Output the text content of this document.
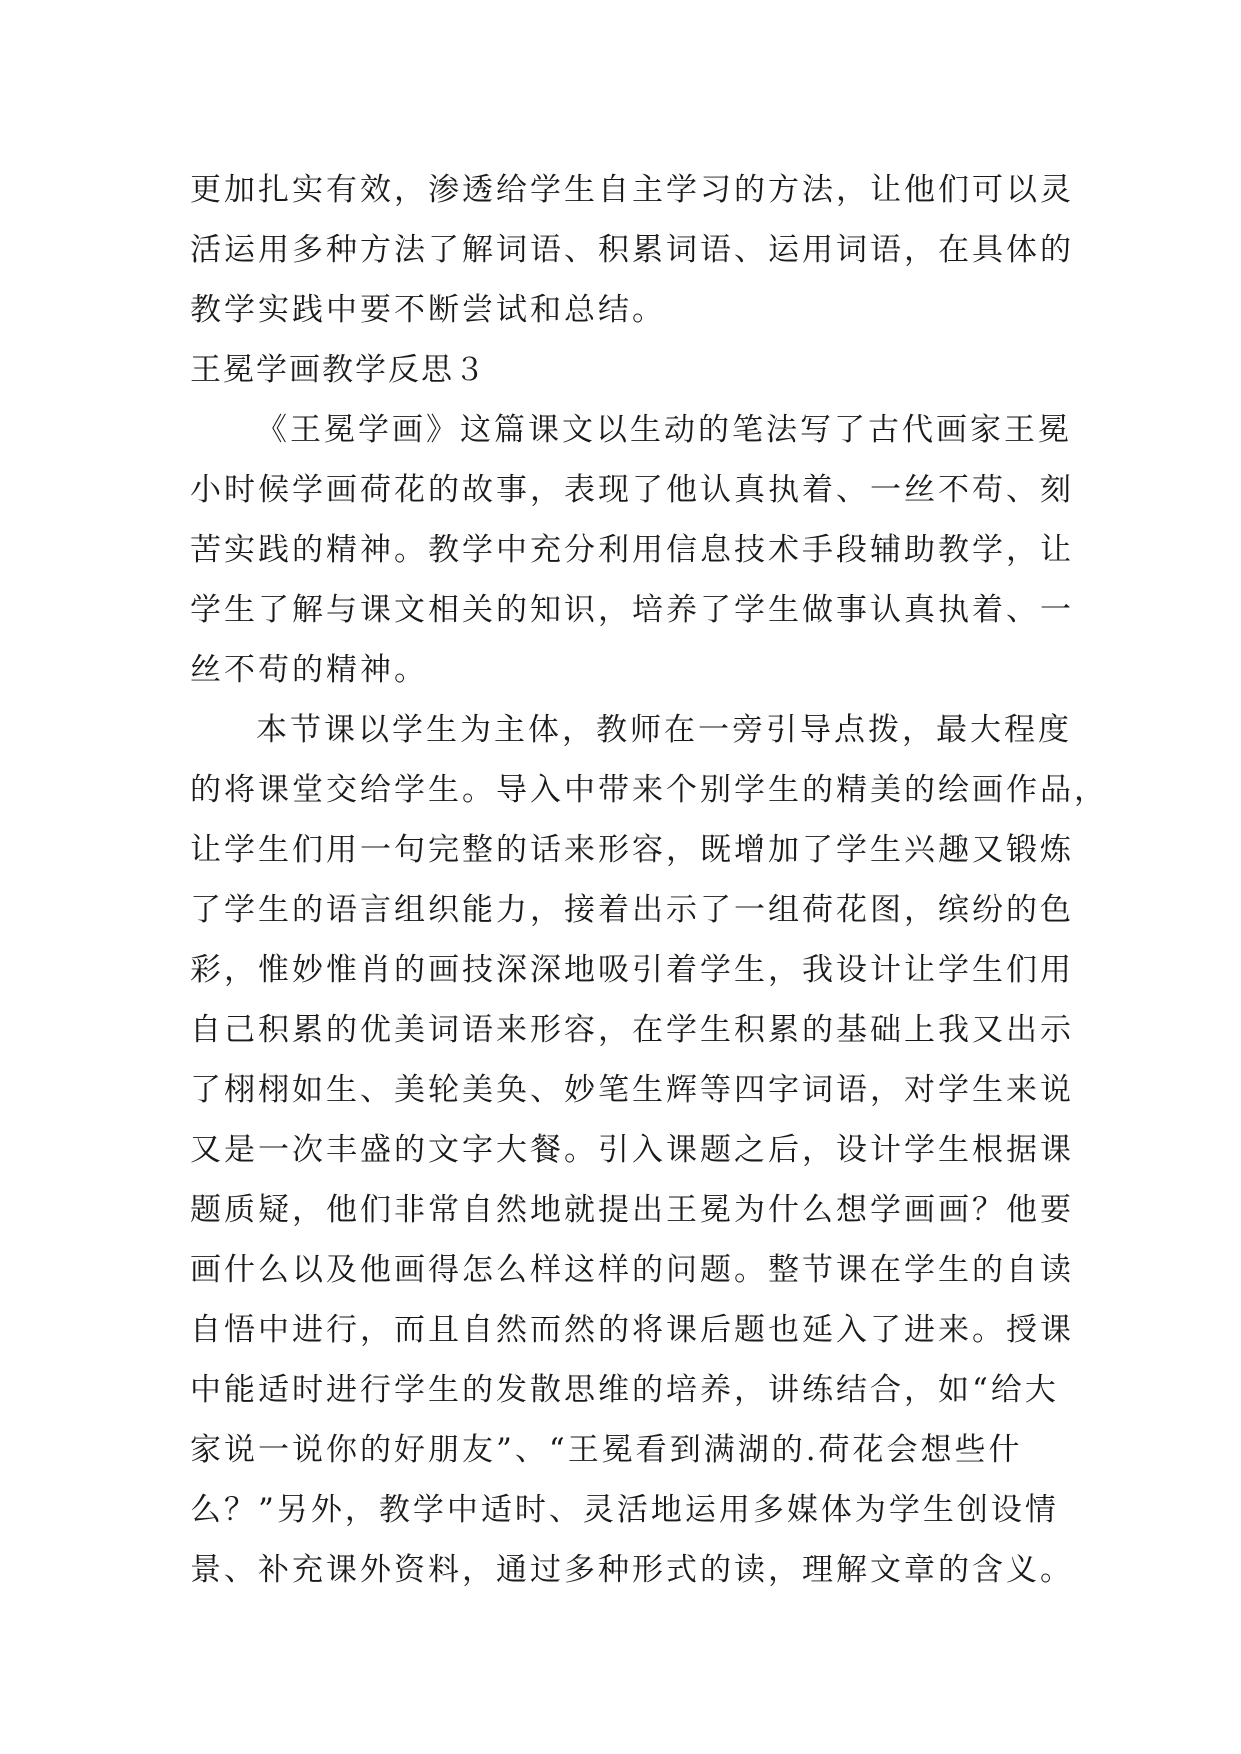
更加扎实有效，渗透给学生自主学习的方法，让他们可以灵
活运用多种方法了解词语、积累词语、运用词语，在具体的
教学实践中要不断尝试和总结。
王冕学画教学反思３
《王冕学画》这篇课文以生动的笔法写了古代画家王冕
小时候学画荷花的故事，表现了他认真执着、一丝不苟、刻
苦实践的精神。教学中充分利用信息技术手段辅助教学，让
学生了解与课文相关的知识，培养了学生做事认真执着、一
丝不苟的精神。
本节课以学生为主体，教师在一旁引导点拨，最大程度
的将课堂交给学生。导入中带来个别学生的精美的绘画作品，
让学生们用一句完整的话来形容，既增加了学生兴趣又锻炼
了学生的语言组织能力，接着出示了一组荷花图，缤纷的色
彩，惟妙惟肖的画技深深地吸引着学生，我设计让学生们用
自己积累的优美词语来形容，在学生积累的基础上我又出示
了栩栩如生、美轮美奂、妙笔生辉等四字词语，对学生来说
又是一次丰盛的文字大餐。引入课题之后，设计学生根据课
题质疑，他们非常自然地就提出王冕为什么想学画画？他要
画什么以及他画得怎么样这样的问题。整节课在学生的自读
自悟中进行，而且自然而然的将课后题也延入了进来。授课
中能适时进行学生的发散思维的培养，讲练结合，如“给大
家说一说你的好朋友”、“王冕看到满湖的.荷花会想些什
么？”另外，教学中适时、灵活地运用多媒体为学生创设情
景、补充课外资料，通过多种形式的读，理解文章的含义。
